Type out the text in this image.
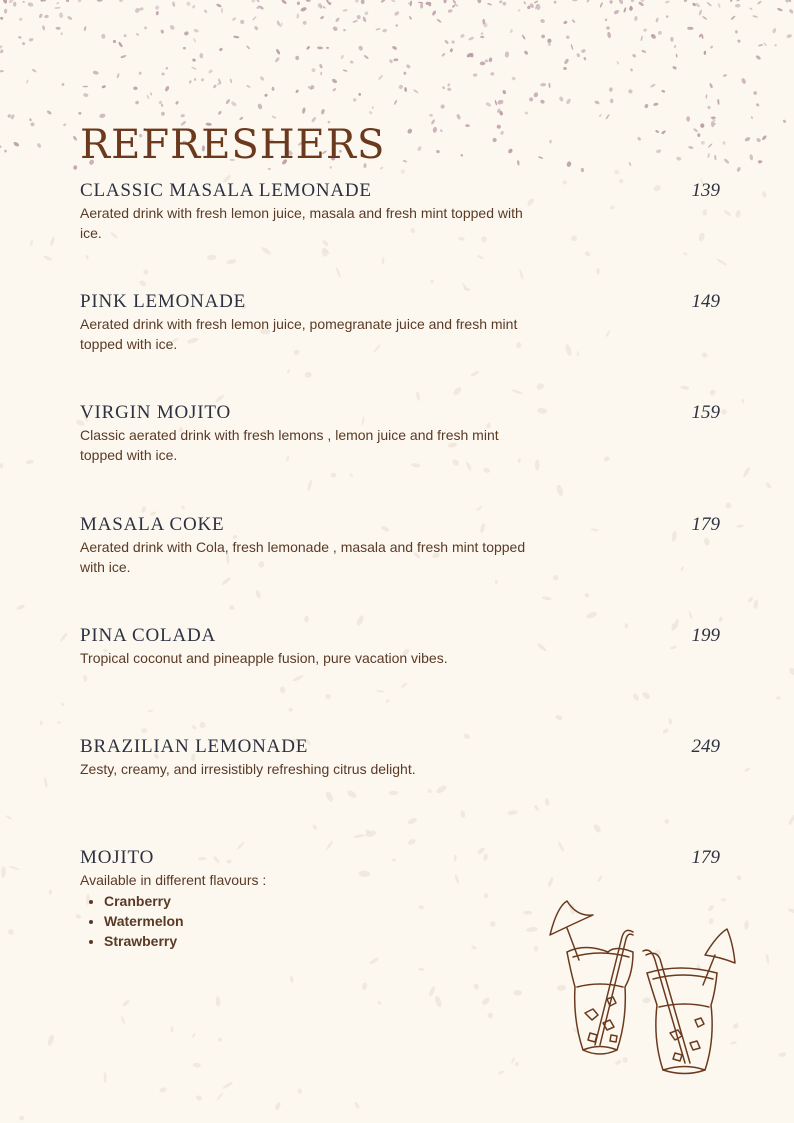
REFRESHERS
CLASSIC MASALA LEMONADE
Aerated drink with fresh lemon juice, masala and fresh mint topped with ice.
139
PINK LEMONADE
Aerated drink with fresh lemon juice, pomegranate juice and fresh mint topped with ice.
149
VIRGIN MOJITO
Classic aerated drink with fresh lemons , lemon juice and fresh mint topped with ice.
159
MASALA COKE
Aerated drink with Cola, fresh lemonade , masala and fresh mint topped with ice.
179
PINA COLADA
Tropical coconut and pineapple fusion, pure vacation vibes.
199
BRAZILIAN LEMONADE
Zesty, creamy, and irresistibly refreshing citrus delight.
249
MOJITO
Available in different flavours :
179
• Cranberry
• Watermelon
• Strawberry
